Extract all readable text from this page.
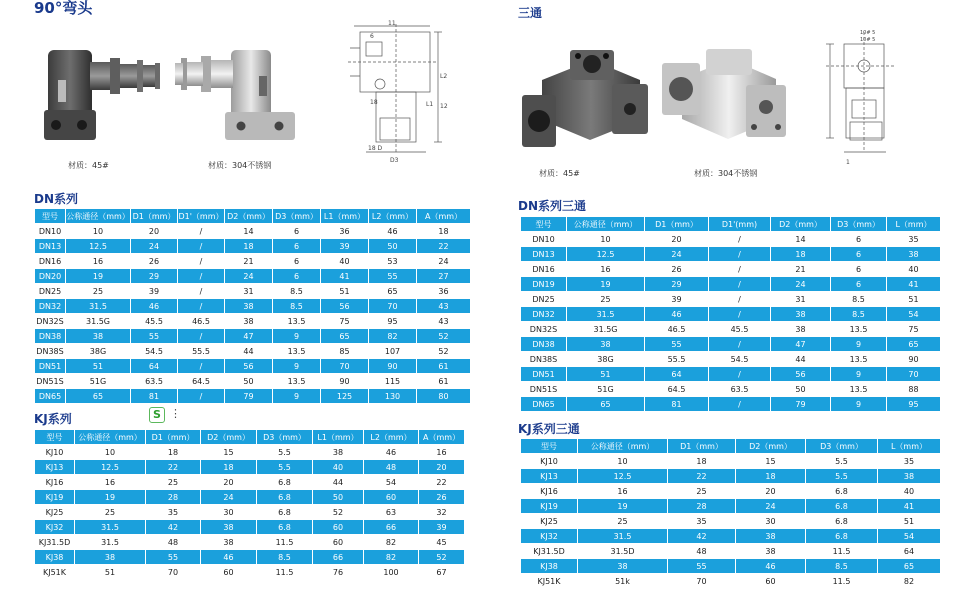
90°弯头
11
6
L2
L1
18
12
18 D
D3
材质：45#	材质：304不锈钢
DN系列
型号	公称通径（mm）	D1（mm）	D1'（mm）	D2（mm）	D3（mm）	L1（mm）	L2（mm）	A（mm）
DN10	10	20	/	14	6	36	46	18
DN13	12.5	24	/	18	6	39	50	22
DN16	16	26	/	21	6	40	53	24
DN20	19	29	/	24	6	41	55	27
DN25	25	39	/	31	8.5	51	65	36
DN32	31.5	46	/	38	8.5	56	70	43
DN32S	31.5G	45.5	46.5	38	13.5	75	95	43
DN38	38	55	/	47	9	65	82	52
DN38S	38G	54.5	55.5	44	13.5	85	107	52
DN51	51	64	/	56	9	70	90	61
DN51S	51G	63.5	64.5	50	13.5	90	115	61
DN65	65	81	/	79	9	125	130	80
KJ系列	S ⋮
型号	公称通径（mm）	D1（mm）	D2（mm）	D3（mm）	L1（mm）	L2（mm）	A（mm）
KJ10	10	18	15	5.5	38	46	16
KJ13	12.5	22	18	5.5	40	48	20
KJ16	16	25	20	6.8	44	54	22
KJ19	19	28	24	6.8	50	60	26
KJ25	25	35	30	6.8	52	63	32
KJ32	31.5	42	38	6.8	60	66	39
KJ31.5D	31.5	48	38	11.5	60	82	45
KJ38	38	55	46	8.5	66	82	52
KJ51K	51	70	60	11.5	76	100	67
三通
10# 5
10# 5
1
材质：45#	材质：304不锈钢
DN系列三通
型号	公称通径（mm）	D1（mm）	D1'(mm)	D2（mm）	D3（mm）	L（mm）
DN10	10	20	/	14	6	35
DN13	12.5	24	/	18	6	38
DN16	16	26	/	21	6	40
DN19	19	29	/	24	6	41
DN25	25	39	/	31	8.5	51
DN32	31.5	46	/	38	8.5	54
DN32S	31.5G	46.5	45.5	38	13.5	75
DN38	38	55	/	47	9	65
DN38S	38G	55.5	54.5	44	13.5	90
DN51	51	64	/	56	9	70
DN51S	51G	64.5	63.5	50	13.5	88
DN65	65	81	/	79	9	95
KJ系列三通
型号	公称通径（mm）	D1（mm）	D2（mm）	D3（mm）	L（mm）
KJ10	10	18	15	5.5	35
KJ13	12.5	22	18	5.5	38
KJ16	16	25	20	6.8	40
KJ19	19	28	24	6.8	41
KJ25	25	35	30	6.8	51
KJ32	31.5	42	38	6.8	54
KJ31.5D	31.5D	48	38	11.5	64
KJ38	38	55	46	8.5	65
KJ51K	51k	70	60	11.5	82
